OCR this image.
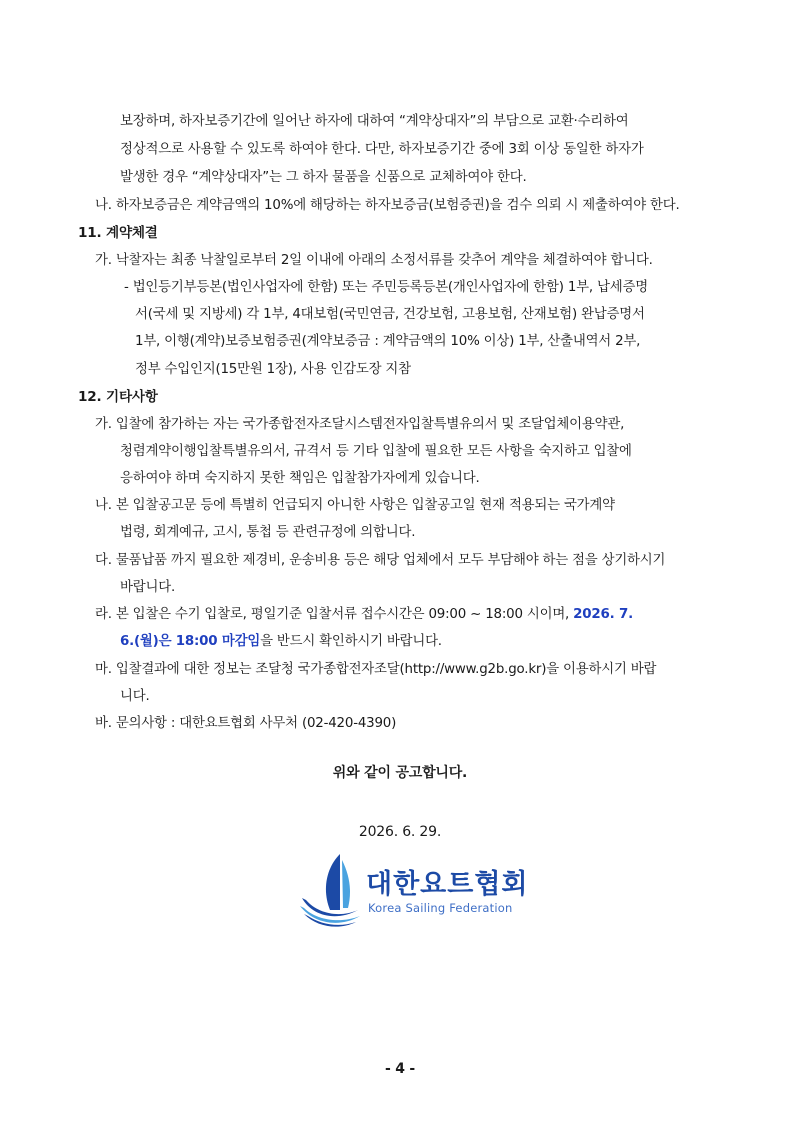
보장하며, 하자보증기간에 일어난 하자에 대하여 “계약상대자”의 부담으로 교환·수리하여
정상적으로 사용할 수 있도록 하여야 한다. 다만, 하자보증기간 중에 3회 이상 동일한 하자가
발생한 경우 “계약상대자”는 그 하자 물품을 신품으로 교체하여야 한다.
나. 하자보증금은 계약금액의 10%에 해당하는 하자보증금(보험증권)을 검수 의뢰 시 제출하여야 한다.
11. 계약체결
가. 낙찰자는 최종 낙찰일로부터 2일 이내에 아래의 소정서류를 갖추어 계약을 체결하여야 합니다.
- 법인등기부등본(법인사업자에 한함) 또는 주민등록등본(개인사업자에 한함) 1부, 납세증명
서(국세 및 지방세) 각 1부, 4대보험(국민연금, 건강보험, 고용보험, 산재보험) 완납증명서
1부, 이행(계약)보증보험증권(계약보증금 : 계약금액의 10% 이상) 1부, 산출내역서 2부,
정부 수입인지(15만원 1장), 사용 인감도장 지참
12. 기타사항
가. 입찰에 참가하는 자는 국가종합전자조달시스템전자입찰특별유의서 및 조달업체이용약관,
청렴계약이행입찰특별유의서, 규격서 등 기타 입찰에 필요한 모든 사항을 숙지하고 입찰에
응하여야 하며 숙지하지 못한 책임은 입찰참가자에게 있습니다.
나. 본 입찰공고문 등에 특별히 언급되지 아니한 사항은 입찰공고일 현재 적용되는 국가계약
법령, 회계예규, 고시, 통첩 등 관련규정에 의합니다.
다. 물품납품 까지 필요한 제경비, 운송비용 등은 해당 업체에서 모두 부담해야 하는 점을 상기하시기
바랍니다.
라. 본 입찰은 수기 입찰로, 평일기준 입찰서류 접수시간은 09:00 ~ 18:00 시이며, 2026. 7.
6.(월)은 18:00 마감임을 반드시 확인하시기 바랍니다.
마. 입찰결과에 대한 정보는 조달청 국가종합전자조달(http://www.g2b.go.kr)을 이용하시기 바랍
니다.
바. 문의사항 : 대한요트협회 사무처 (02-420-4390)
위와 같이 공고합니다.
2026. 6. 29.
대한요트협회
Korea Sailing Federation
- 4 -
